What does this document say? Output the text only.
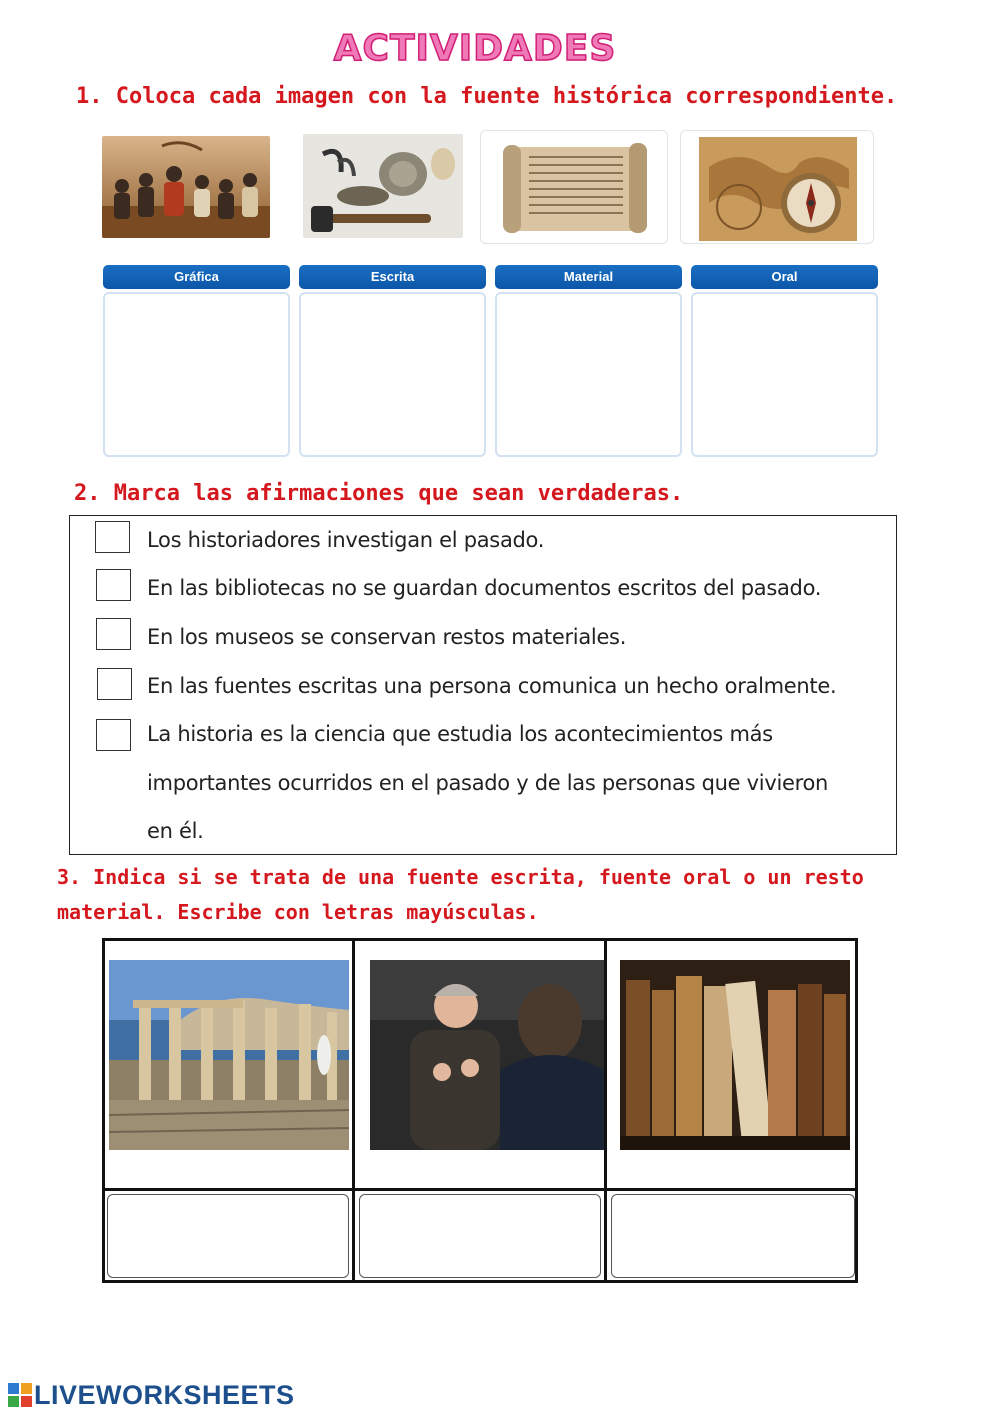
ACTIVIDADES
1. Coloca cada imagen con la fuente histórica correspondiente.
Gráfica	Escrita	Material	Oral
2. Marca las afirmaciones que sean verdaderas.
Los historiadores investigan el pasado.
En las bibliotecas no se guardan documentos escritos del pasado.
En los museos se conservan restos materiales.
En las fuentes escritas una persona comunica un hecho oralmente.
La historia es la ciencia que estudia los acontecimientos más
importantes ocurridos en el pasado y de las personas que vivieron
en él.
3. Indica si se trata de una fuente escrita, fuente oral o un resto
material. Escribe con letras mayúsculas.
LIVEWORKSHEETS
